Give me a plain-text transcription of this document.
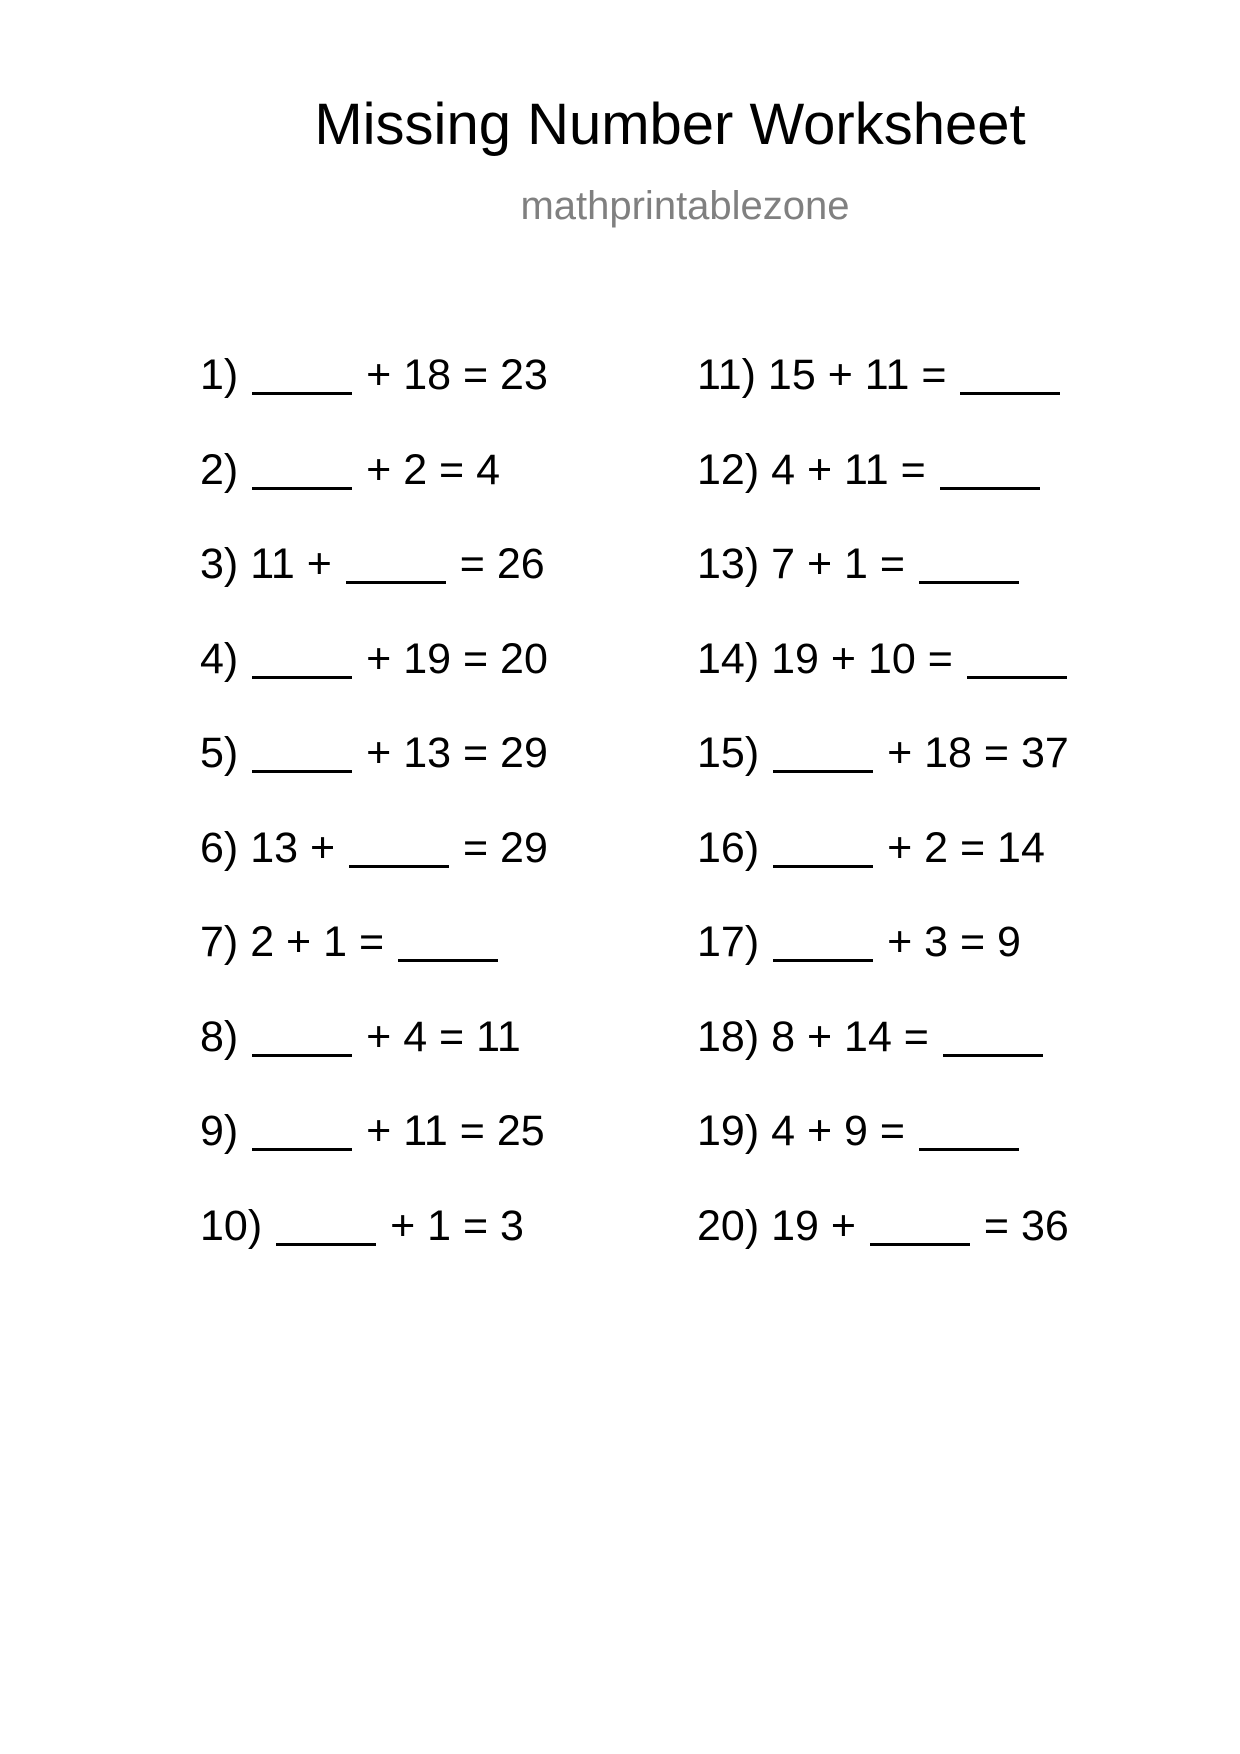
Missing Number Worksheet
mathprintablezone
1)	+ 18 = 23
2)	+ 2 = 4
3) 11 +	= 26
4)	+ 19 = 20
5)	+ 13 = 29
6) 13 +	= 29
7) 2 + 1 =
8)	+ 4 = 11
9)	+ 11 = 25
10)	+ 1 = 3
11) 15 + 11 =
12) 4 + 11 =
13) 7 + 1 =
14) 19 + 10 =
15)	+ 18 = 37
16)	+ 2 = 14
17)	+ 3 = 9
18) 8 + 14 =
19) 4 + 9 =
20) 19 +	= 36
